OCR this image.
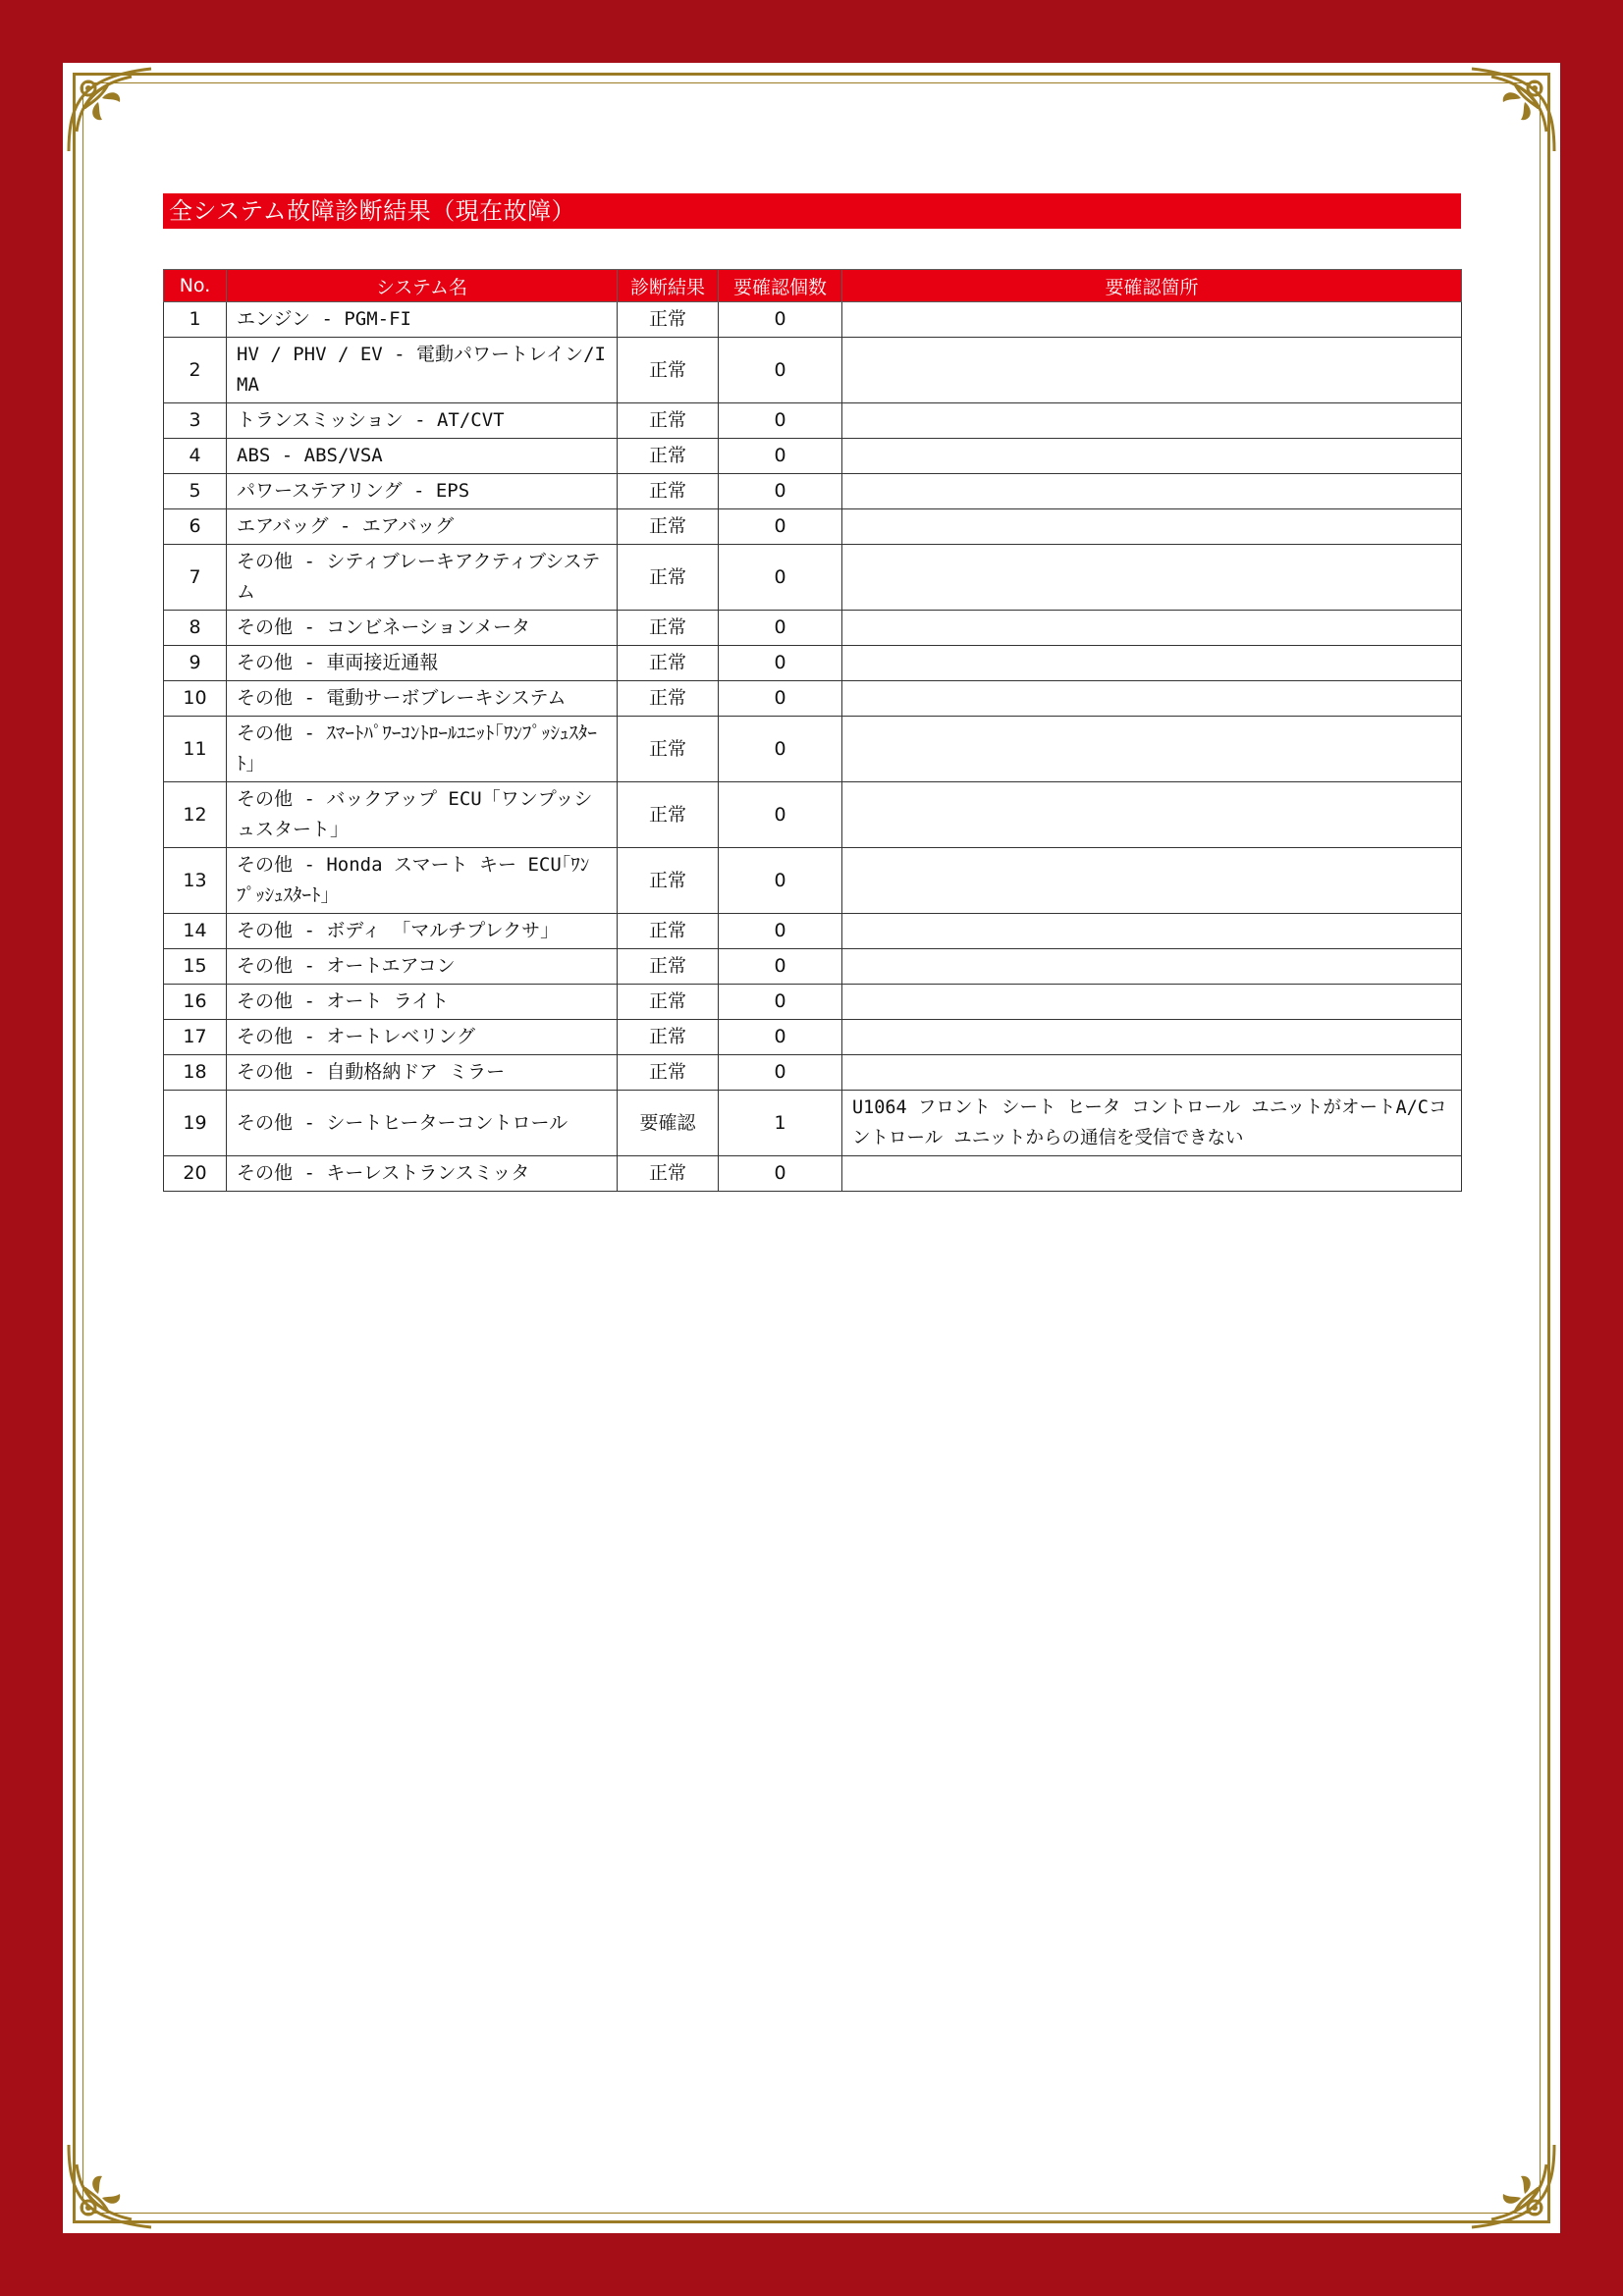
全システム故障診断結果（現在故障）
No.	システム名	診断結果	要確認個数	要確認箇所
1	エンジン - PGM-FI	正常	0	
2	HV / PHV / EV - 電動パワートレイン/IMA	正常	0	
3	トランスミッション - AT/CVT	正常	0	
4	ABS - ABS/VSA	正常	0	
5	パワーステアリング - EPS	正常	0	
6	エアバッグ - エアバッグ	正常	0	
7	その他 - シティブレーキアクティブシステム	正常	0	
8	その他 - コンビネーションメータ	正常	0	
9	その他 - 車両接近通報	正常	0	
10	その他 - 電動サーボブレーキシステム	正常	0	
11	その他 - ｽﾏｰﾄﾊﾟﾜｰｺﾝﾄﾛｰﾙﾕﾆｯﾄ｢ﾜﾝﾌﾟｯｼｭｽﾀｰﾄ｣	正常	0	
12	その他 - バックアップ ECU「ワンプッシュスタート」	正常	0	
13	その他 - Honda スマート キー ECU｢ﾜﾝﾌﾟｯｼｭｽﾀｰﾄ｣	正常	0	
14	その他 - ボディ 「マルチプレクサ」	正常	0	
15	その他 - オートエアコン	正常	0	
16	その他 - オート ライト	正常	0	
17	その他 - オートレベリング	正常	0	
18	その他 - 自動格納ドア ミラー	正常	0	
19	その他 - シートヒーターコントロール	要確認	1	U1064 フロント シート ヒータ コントロール ユニットがオートA/Cコントロール ユニットからの通信を受信できない
20	その他 - キーレストランスミッタ	正常	0	
